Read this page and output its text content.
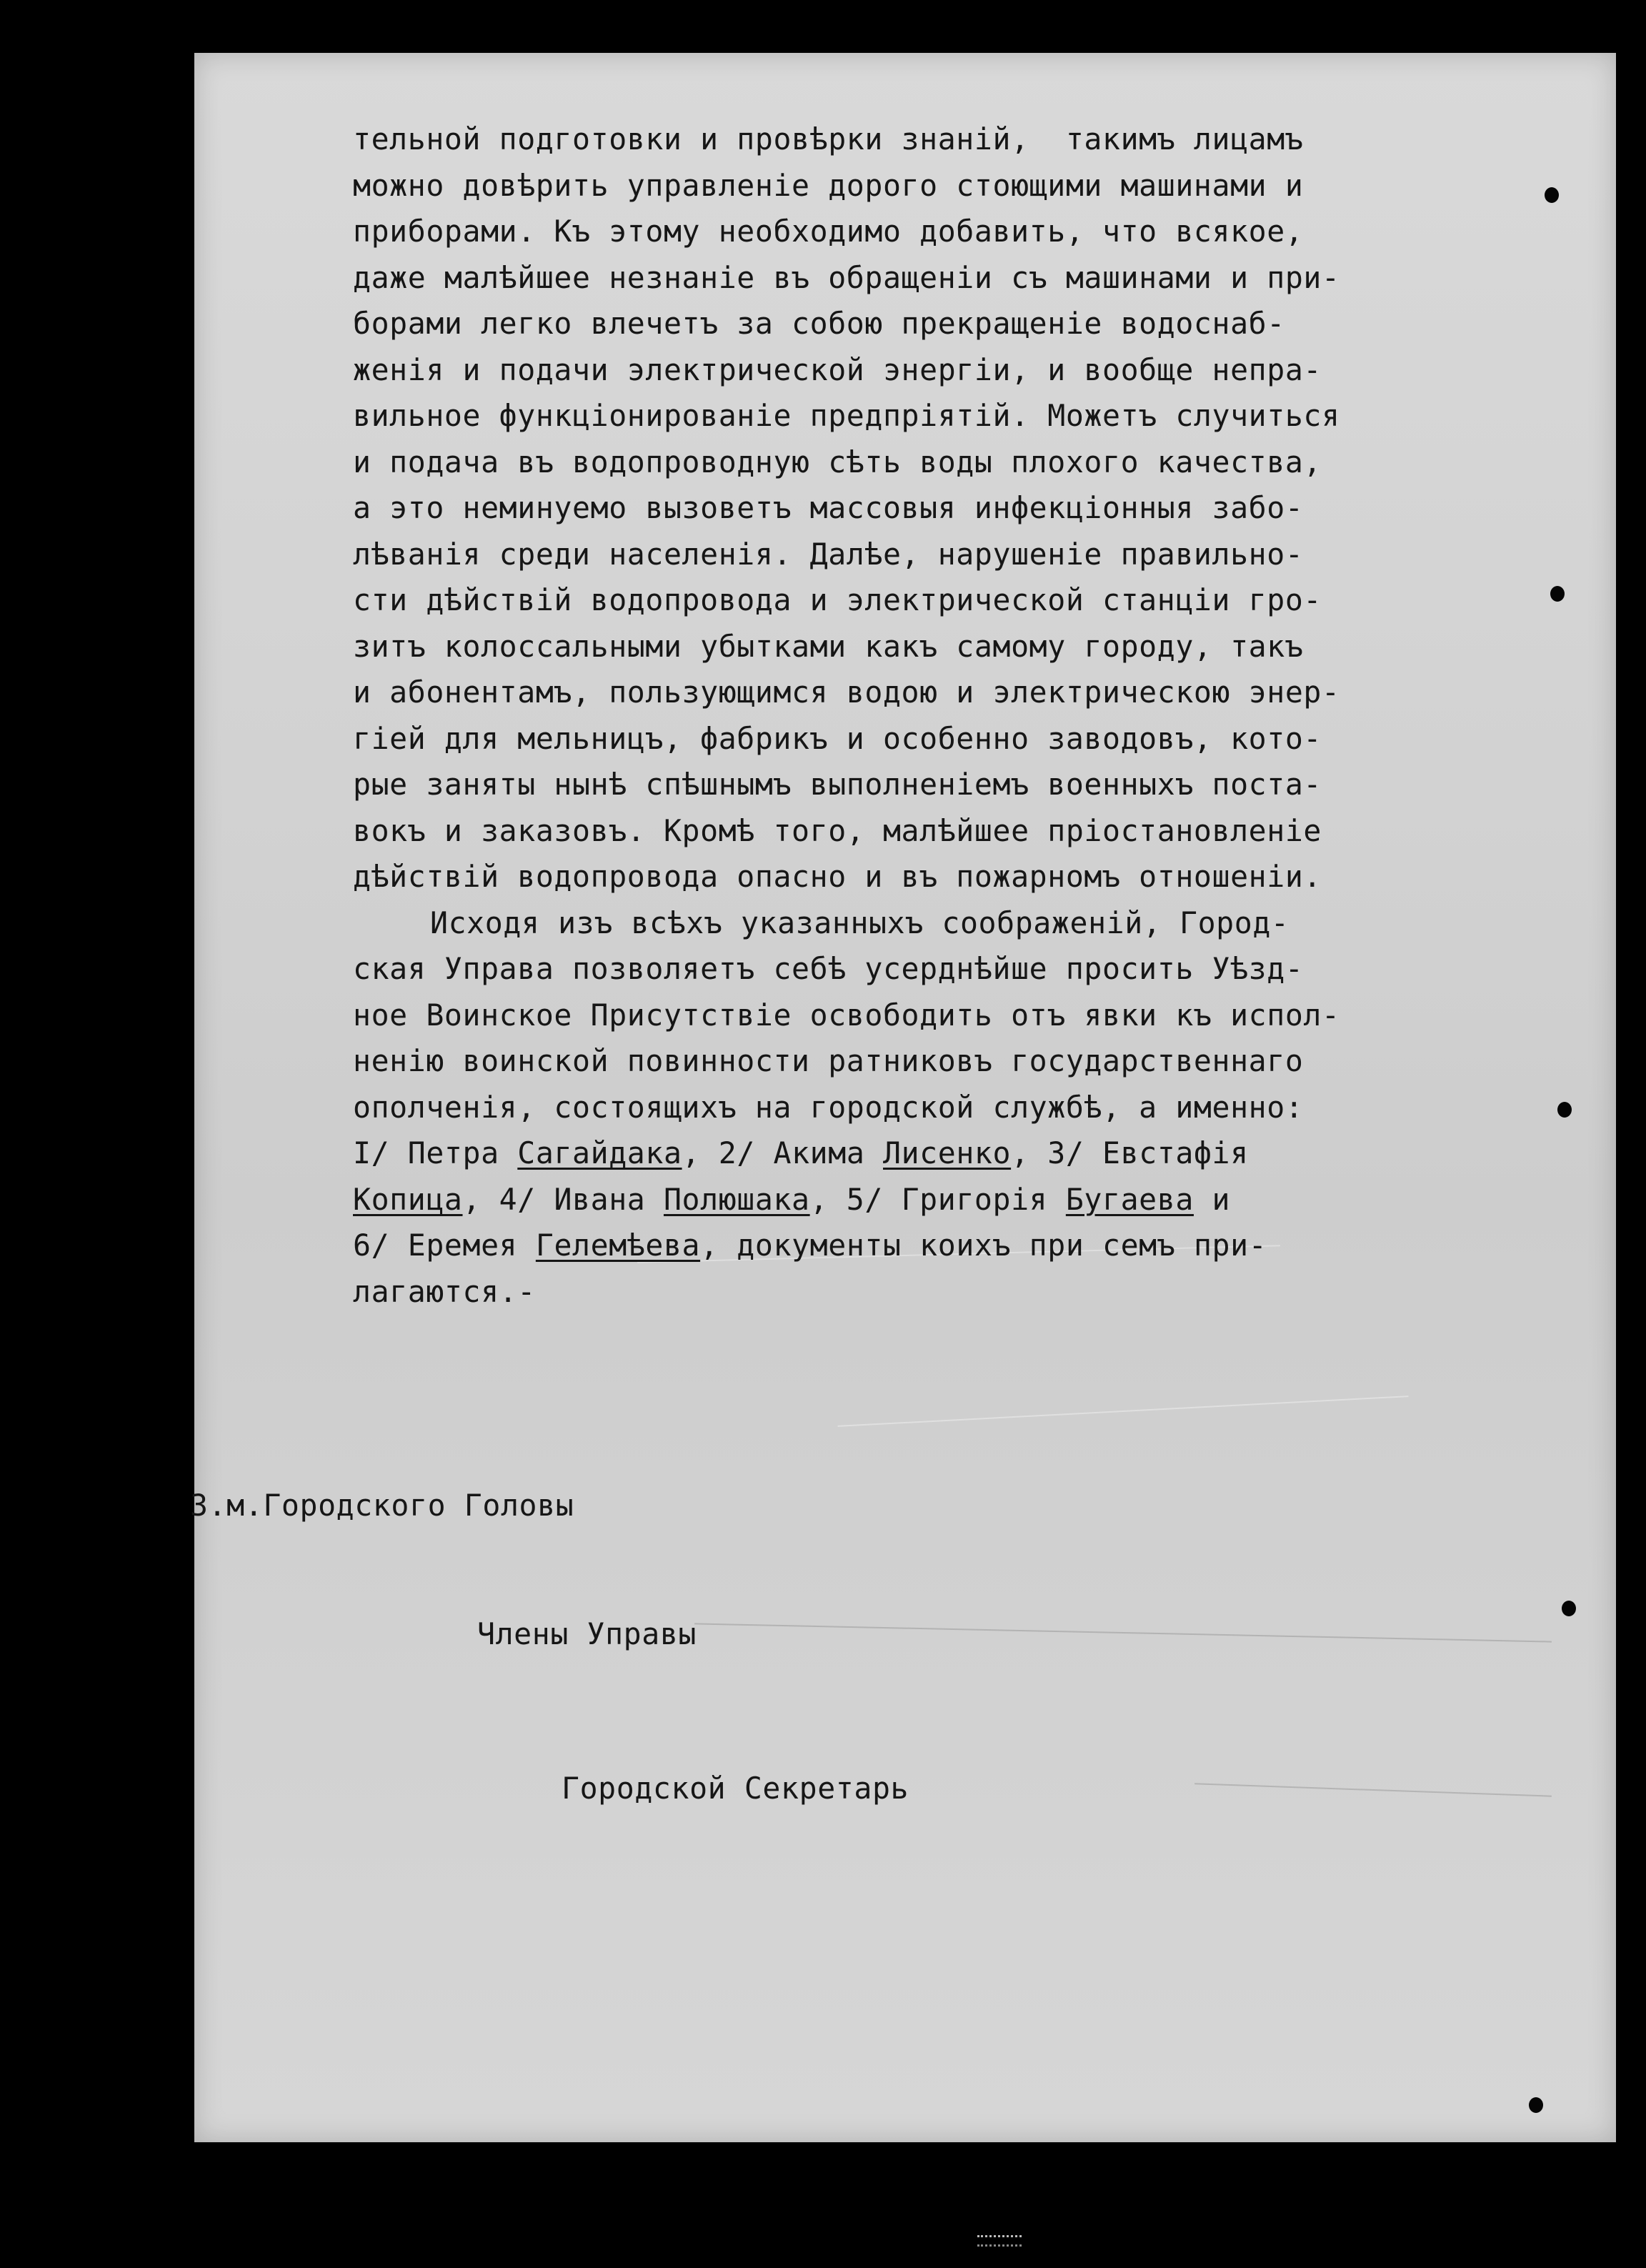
тельной подготовки и провѣрки знаній,  такимъ лицамъ
можно довѣрить управленіе дорого стоющими машинами и
приборами. Къ этому необходимо добавить, что всякое,
даже малѣйшее незнаніе въ обращеніи съ машинами и при-
борами легко влечетъ за собою прекращеніе водоснаб-
женія и подачи электрической энергіи, и вообще непра-
вильное функціонированіе предпріятій. Можетъ случиться
и подача въ водопроводную сѣть воды плохого качества,
а это неминуемо вызоветъ массовыя инфекціонныя забо-
лѣванія среди населенія. Далѣе, нарушеніе правильно-
сти дѣйствій водопровода и электрической станціи гро-
зитъ колоссальными убытками какъ самому городу, такъ
и абонентамъ, пользующимся водою и электрическою энер-
гіей для мельницъ, фабрикъ и особенно заводовъ, кото-
рые заняты нынѣ спѣшнымъ выполненіемъ военныхъ поста-
вокъ и заказовъ. Кромѣ того, малѣйшее пріостановленіе
дѣйствій водопровода опасно и въ пожарномъ отношеніи.
Исходя изъ всѣхъ указанныхъ соображеній, Город-
ская Управа позволяетъ себѣ усерднѣйше просить Уѣзд-
ное Воинское Присутствіе освободить отъ явки къ испол-
ненію воинской повинности ратниковъ государственнаго
ополченія, состоящихъ на городской службѣ, а именно:
I/ Петра Сагайдака, 2/ Акима Лисенко, 3/ Евстафія
Копица, 4/ Ивана Полюшака, 5/ Григорія Бугаева и
6/ Еремея Гелемѣева, документы коихъ при семъ при-
лагаются.-
З.м.Городского Головы
Члены Управы
Городской Секретарь
